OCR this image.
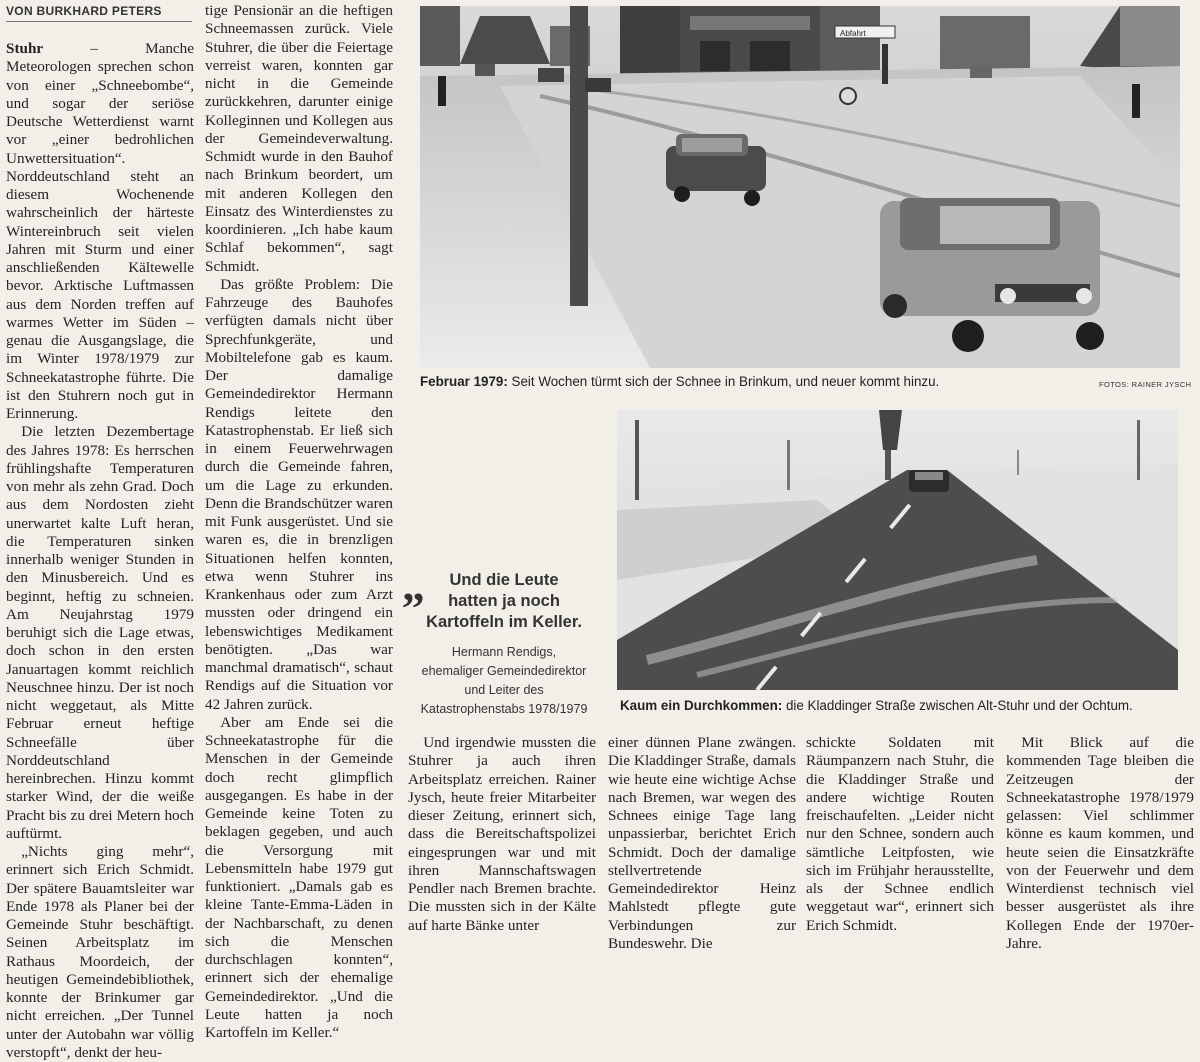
VON BURKHARD PETERS

Stuhr – Manche Meteorologen sprechen schon von einer „Schneebombe“, und sogar der seriöse Deutsche Wetterdienst warnt vor „einer bedrohlichen Unwettersituation“. Norddeutschland steht an diesem Wochenende wahrscheinlich der härteste Wintereinbruch seit vielen Jahren mit Sturm und einer anschließenden Kältewelle bevor. Arktische Luftmassen aus dem Norden treffen auf warmes Wetter im Süden – genau die Ausgangslage, die im Winter 1978/1979 zur Schneekatastrophe führte. Die ist den Stuhrern noch gut in Erinnerung.

Die letzten Dezembertage des Jahres 1978: Es herrschen frühlingshafte Temperaturen von mehr als zehn Grad. Doch aus dem Nordosten zieht unerwartet kalte Luft heran, die Temperaturen sinken innerhalb weniger Stunden in den Minusbereich. Und es beginnt, heftig zu schneien. Am Neujahrstag 1979 beruhigt sich die Lage etwas, doch schon in den ersten Januartagen kommt reichlich Neuschnee hinzu. Der ist noch nicht weggetaut, als Mitte Februar erneut heftige Schneefälle über Norddeutschland hereinbrechen. Hinzu kommt starker Wind, der die weiße Pracht bis zu drei Metern hoch auftürmt.

„Nichts ging mehr“, erinnert sich Erich Schmidt. Der spätere Bauamtsleiter war Ende 1978 als Planer bei der Gemeinde Stuhr beschäftigt. Seinen Arbeitsplatz im Rathaus Moordeich, der heutigen Gemeindebibliothek, konnte der Brinkumer gar nicht erreichen. „Der Tunnel unter der Autobahn war völlig verstopft“, denkt der heu-

tige Pensionär an die heftigen Schneemassen zurück. Viele Stuhrer, die über die Feiertage verreist waren, konnten gar nicht in die Gemeinde zurückkehren, darunter einige Kolleginnen und Kollegen aus der Gemeindeverwaltung. Schmidt wurde in den Bauhof nach Brinkum beordert, um mit anderen Kollegen den Einsatz des Winterdienstes zu koordinieren. „Ich habe kaum Schlaf bekommen“, sagt Schmidt.

Das größte Problem: Die Fahrzeuge des Bauhofes verfügten damals nicht über Sprechfunkgeräte, und Mobiltelefone gab es kaum. Der damalige Gemeindedirektor Hermann Rendigs leitete den Katastrophenstab. Er ließ sich in einem Feuerwehrwagen durch die Gemeinde fahren, um die Lage zu erkunden. Denn die Brandschützer waren mit Funk ausgerüstet. Und sie waren es, die in brenzligen Situationen helfen konnten, etwa wenn Stuhrer ins Krankenhaus oder zum Arzt mussten oder dringend ein lebenswichtiges Medikament benötigten. „Das war manchmal dramatisch“, schaut Rendigs auf die Situation vor 42 Jahren zurück.

Aber am Ende sei die Schneekatastrophe für die Menschen in der Gemeinde doch recht glimpflich ausgegangen. Es habe in der Gemeinde keine Toten zu beklagen gegeben, und auch die Versorgung mit Lebensmitteln habe 1979 gut funktioniert. „Damals gab es kleine Tante-Emma-Läden in der Nachbarschaft, zu denen sich die Menschen durchschlagen konnten“, erinnert sich der ehemalige Gemeindedirektor. „Und die Leute hatten ja noch Kartoffeln im Keller.“

Abfahrt
Februar 1979: Seit Wochen türmt sich der Schnee in Brinkum, und neuer kommt hinzu.	FOTOS: RAINER JYSCH
„	Und die Leute
hatten ja noch
Kartoffeln im Keller.
Hermann Rendigs,
ehemaliger Gemeindedirektor
und Leiter des
Katastrophenstabs 1978/1979	Kaum ein Durchkommen: die Kladdinger Straße zwischen Alt-Stuhr und der Ochtum.
Und irgendwie mussten die Stuhrer ja auch ihren Arbeitsplatz erreichen. Rainer Jysch, heute freier Mitarbeiter dieser Zeitung, erinnert sich, dass die Bereitschaftspolizei eingesprungen war und mit ihren Mannschaftswagen Pendler nach Bremen brachte. Die mussten sich in der Kälte auf harte Bänke unter
einer dünnen Plane zwängen. Die Kladdinger Straße, damals wie heute eine wichtige Achse nach Bremen, war wegen des Schnees einige Tage lang unpassierbar, berichtet Erich Schmidt. Doch der damalige stellvertretende Gemeindedirektor Heinz Mahlstedt pflegte gute Verbindungen zur Bundeswehr. Die
schickte Soldaten mit Räumpanzern nach Stuhr, die die Kladdinger Straße und andere wichtige Routen freischaufelten. „Leider nicht nur den Schnee, sondern auch sämtliche Leitpfosten, wie sich im Frühjahr herausstellte, als der Schnee endlich weggetaut war“, erinnert sich Erich Schmidt.
Mit Blick auf die kommenden Tage bleiben die Zeitzeugen der Schneekatastrophe 1978/1979 gelassen: Viel schlimmer könne es kaum kommen, und heute seien die Einsatzkräfte von der Feuerwehr und dem Winterdienst technisch viel besser ausgerüstet als ihre Kollegen Ende der 1970er-Jahre.
